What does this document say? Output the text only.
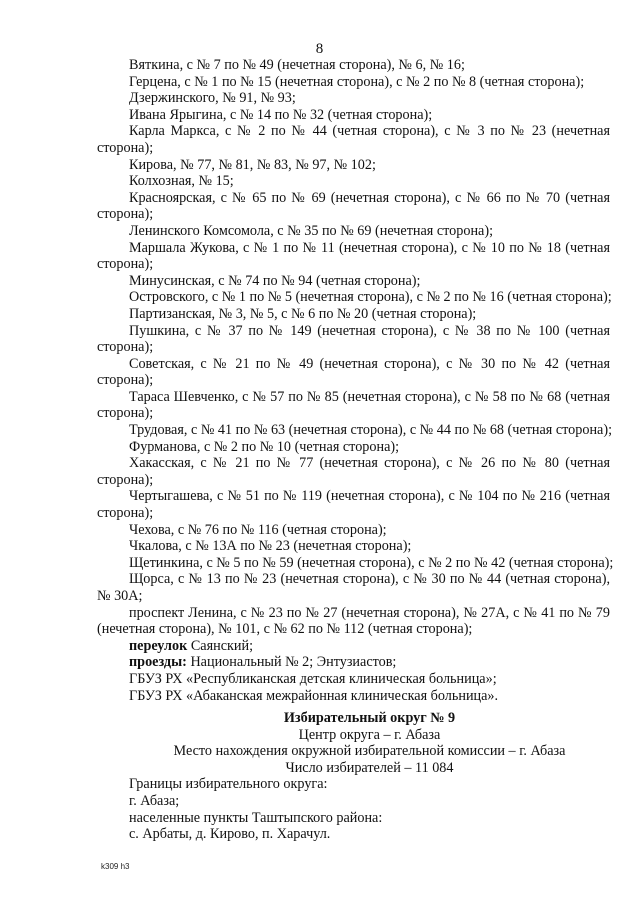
8

Вяткина, с № 7 по № 49 (нечетная сторона), № 6, № 16;

Герцена, с № 1 по № 15 (нечетная сторона), с № 2 по № 8 (четная сторона);

Дзержинского, № 91, № 93;

Ивана Ярыгина, с № 14 по № 32 (четная сторона);

Карла Маркса, с № 2 по № 44 (четная сторона), с № 3 по № 23 (нечетная сторона);

Кирова, № 77, № 81, № 83, № 97, № 102;

Колхозная, № 15;

Красноярская, с № 65 по № 69 (нечетная сторона), с № 66 по № 70 (четная сторона);

Ленинского Комсомола, с № 35 по № 69 (нечетная сторона);

Маршала Жукова, с № 1 по № 11 (нечетная сторона), с № 10 по № 18 (четная сторона);

Минусинская, с № 74 по № 94 (четная сторона);

Островского, с № 1 по № 5 (нечетная сторона), с № 2 по № 16 (четная сторона);

Партизанская, № 3, № 5, с № 6 по № 20 (четная сторона);

Пушкина, с № 37 по № 149 (нечетная сторона), с № 38 по № 100 (четная сторона);

Советская, с № 21 по № 49 (нечетная сторона), с № 30 по № 42 (четная сторона);

Тараса Шевченко, с № 57 по № 85 (нечетная сторона), с № 58 по № 68 (четная сторона);

Трудовая, с № 41 по № 63 (нечетная сторона), с № 44 по № 68 (четная сторона);

Фурманова, с № 2 по № 10 (четная сторона);

Хакасская, с № 21 по № 77 (нечетная сторона), с № 26 по № 80 (четная сторона);

Чертыгашева, с № 51 по № 119 (нечетная сторона), с № 104 по № 216 (четная сторона);

Чехова, с № 76 по № 116 (четная сторона);

Чкалова, с № 13А по № 23 (нечетная сторона);

Щетинкина, с № 5 по № 59 (нечетная сторона), с № 2 по № 42 (четная сторона);

Щорса, с № 13 по № 23 (нечетная сторона), с № 30 по № 44 (четная сторона), № 30А;

проспект Ленина, с № 23 по № 27 (нечетная сторона), № 27А, с № 41 по № 79 (нечетная сторона), № 101, с № 62 по № 112 (четная сторона);

переулок Саянский;

проезды: Национальный № 2; Энтузиастов;

ГБУЗ РХ «Республиканская детская клиническая больница»;

ГБУЗ РХ «Абаканская межрайонная клиническая больница».

Избирательный округ № 9

Центр округа – г. Абаза

Место нахождения окружной избирательной комиссии – г. Абаза

Число избирателей – 11 084

Границы избирательного округа:

г. Абаза;

населенные пункты Таштыпского района:

с. Арбаты, д. Кирово, п. Харачул.

k309 h3
